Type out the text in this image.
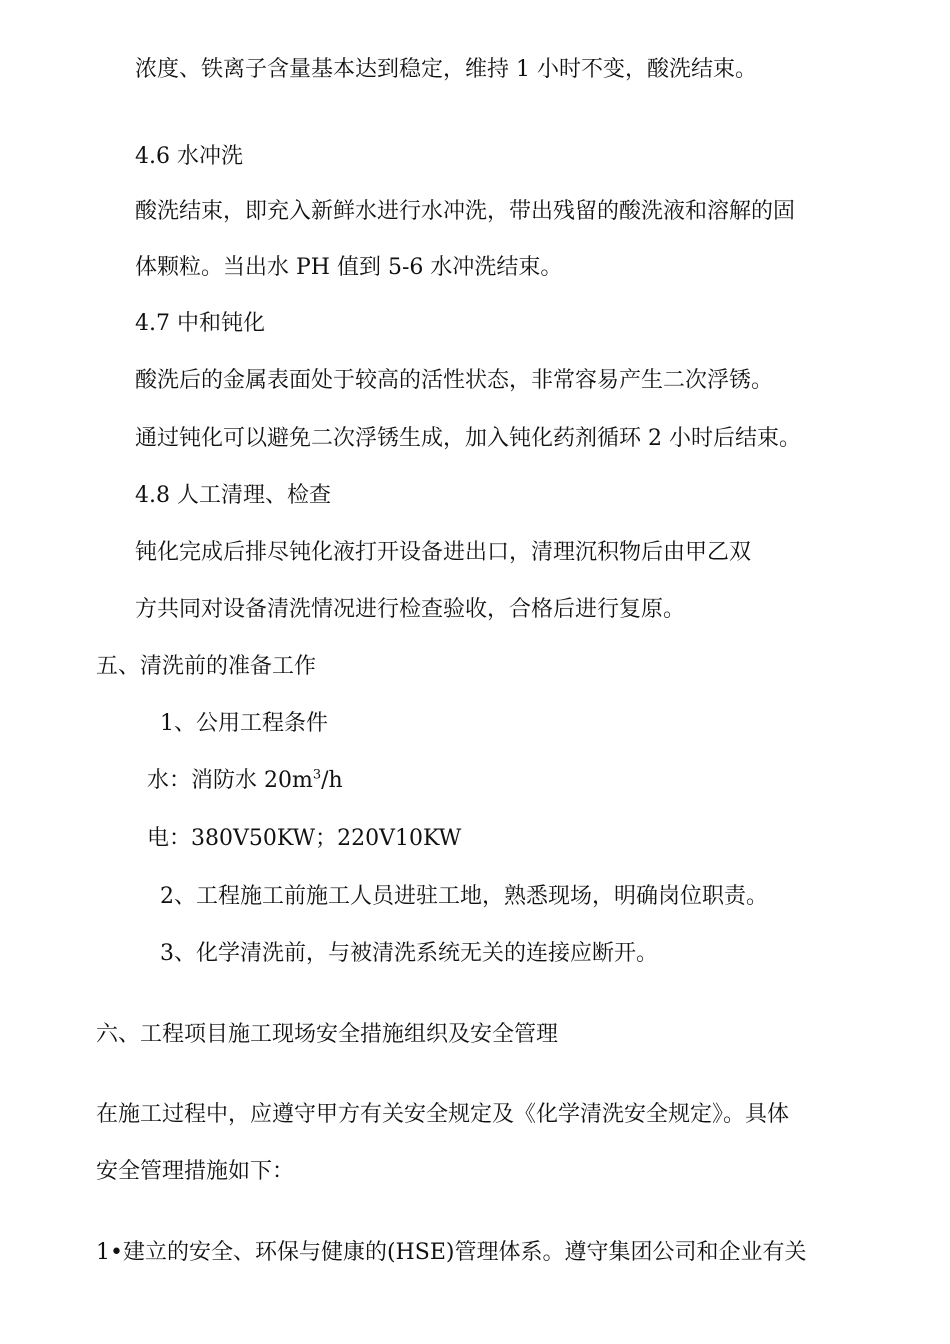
浓度、铁离子含量基本达到稳定，维持 1 小时不变，酸洗结束。
4.6 水冲洗
酸洗结束，即充入新鲜水进行水冲洗，带出残留的酸洗液和溶解的固
体颗粒。当出水 PH 值到 5-6 水冲洗结束。
4.7 中和钝化
酸洗后的金属表面处于较高的活性状态，非常容易产生二次浮锈。
通过钝化可以避免二次浮锈生成，加入钝化药剂循环 2 小时后结束。
4.8 人工清理、检查
钝化完成后排尽钝化液打开设备进出口，清理沉积物后由甲乙双
方共同对设备清洗情况进行检查验收，合格后进行复原。
五、清洗前的准备工作
1、公用工程条件
水：消防水 $20m^3/h$
电：380V50KW；220V10KW
2、工程施工前施工人员进驻工地，熟悉现场，明确岗位职责。
3、化学清洗前，与被清洗系统无关的连接应断开。
六、工程项目施工现场安全措施组织及安全管理
在施工过程中，应遵守甲方有关安全规定及《化学清洗安全规定》。具体
安全管理措施如下：
1•建立的安全、环保与健康的(HSE)管理体系。遵守集团公司和企业有关
